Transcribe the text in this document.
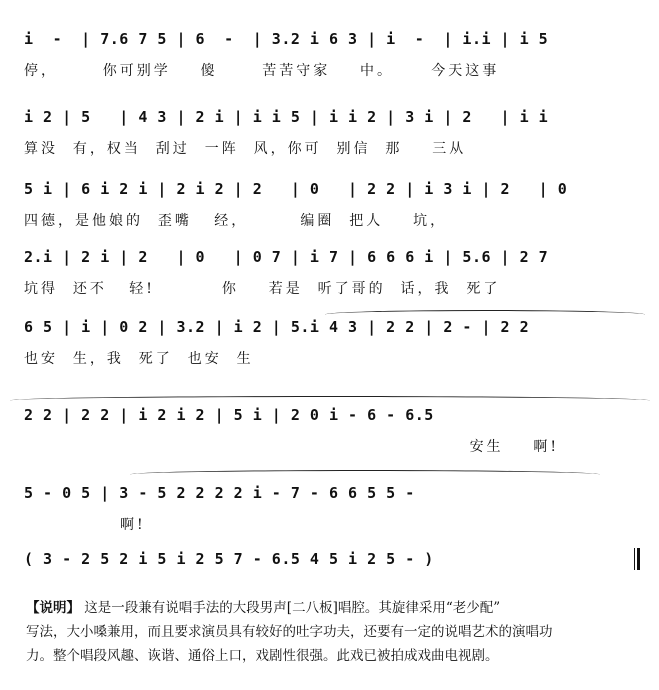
i  -  | 7.6 7 5 | 6  -  | 3.2 i 6 3 | i  -  | i.i | i 5
停，      你可别学    傻      苦苦守家    中。     今天这事
i 2 | 5   | 4 3 | 2 i | i i 5 | i i 2 | 3 i | 2   | i i
算没  有，权当  刮过  一阵  风，你可  别信  那    三从
5 i | 6 i 2 i | 2 i 2 | 2   | 0   | 2 2 | i 3 i | 2   | 0
四德，是他娘的  歪嘴   经，       编圈  把人    坑，
2.i | 2 i | 2   | 0   | 0 7 | i 7 | 6 6 6 i | 5.6 | 2 7
坑得  还不   轻!         你    若是  听了哥的  话，我  死了
6 5 | i | 0 2 | 3.2 | i 2 | 5.i 4 3 | 2 2 | 2 - | 2 2
也安  生，我  死了  也安  生
2 2 | 2 2 | i 2 i 2 | 5 i | 2 0 i - 6 - 6.5
安生    啊!
5 - 0 5 | 3 - 5 2 2 2 2 i - 7 - 6 6 5 5 -
啊!
( 3 - 2 5 2 i 5 i 2 5 7 - 6.5 4 5 i 2 5 - )
【说明】 这是一段兼有说唱手法的大段男声[二八板]唱腔。其旋律采用“老少配”
写法，大小嗓兼用，而且要求演员具有较好的吐字功夫，还要有一定的说唱艺术的演唱功
力。整个唱段风趣、诙谐、通俗上口，戏剧性很强。此戏已被拍成戏曲电视剧。
